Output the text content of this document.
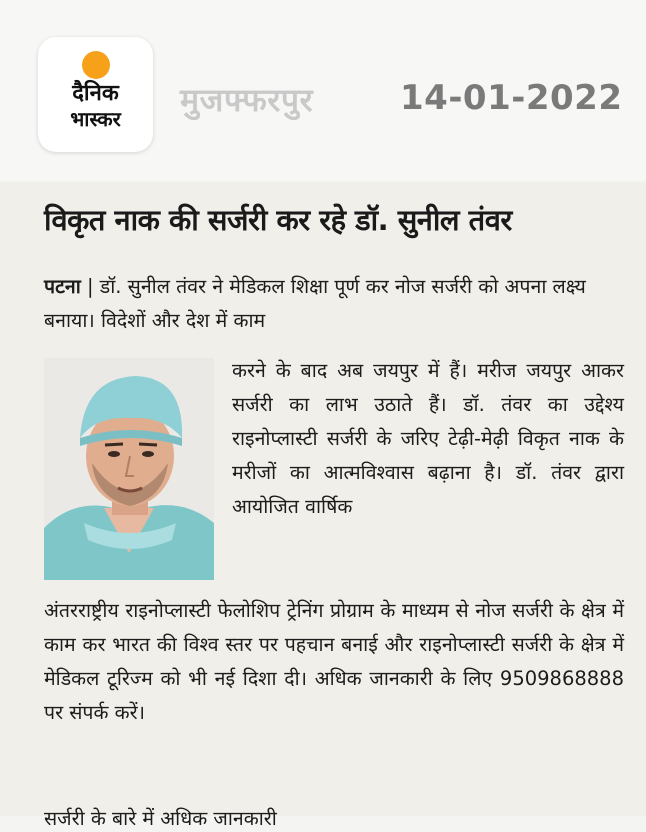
दैनिक
भास्कर	मुजफ्फरपुर	14-01-2022
विकृत नाक की सर्जरी कर रहे डॉ. सुनील तंवर
पटना | डॉ. सुनील तंवर ने मेडिकल शिक्षा पूर्ण कर नोज सर्जरी को अपना लक्ष्य बनाया। विदेशों और देश में काम
करने के बाद अब जयपुर में हैं। मरीज जयपुर आकर सर्जरी का लाभ उठाते हैं। डॉ. तंवर का उद्देश्य राइनोप्लास्टी सर्जरी के जरिए टेढ़ी-मेढ़ी विकृत नाक के मरीजों का आत्मविश्वास बढ़ाना है। डॉ. तंवर द्वारा आयोजित वार्षिक
अंतरराष्ट्रीय राइनोप्लास्टी फेलोशिप ट्रेनिंग प्रोग्राम के माध्यम से नोज सर्जरी के क्षेत्र में काम कर भारत की विश्व स्तर पर पहचान बनाई और राइनोप्लास्टी सर्जरी के क्षेत्र में मेडिकल टूरिज्म को भी नई दिशा दी। अधिक जानकारी के लिए 9509868888 पर संपर्क करें।
सर्जरी के बारे में अधिक जानकारी
